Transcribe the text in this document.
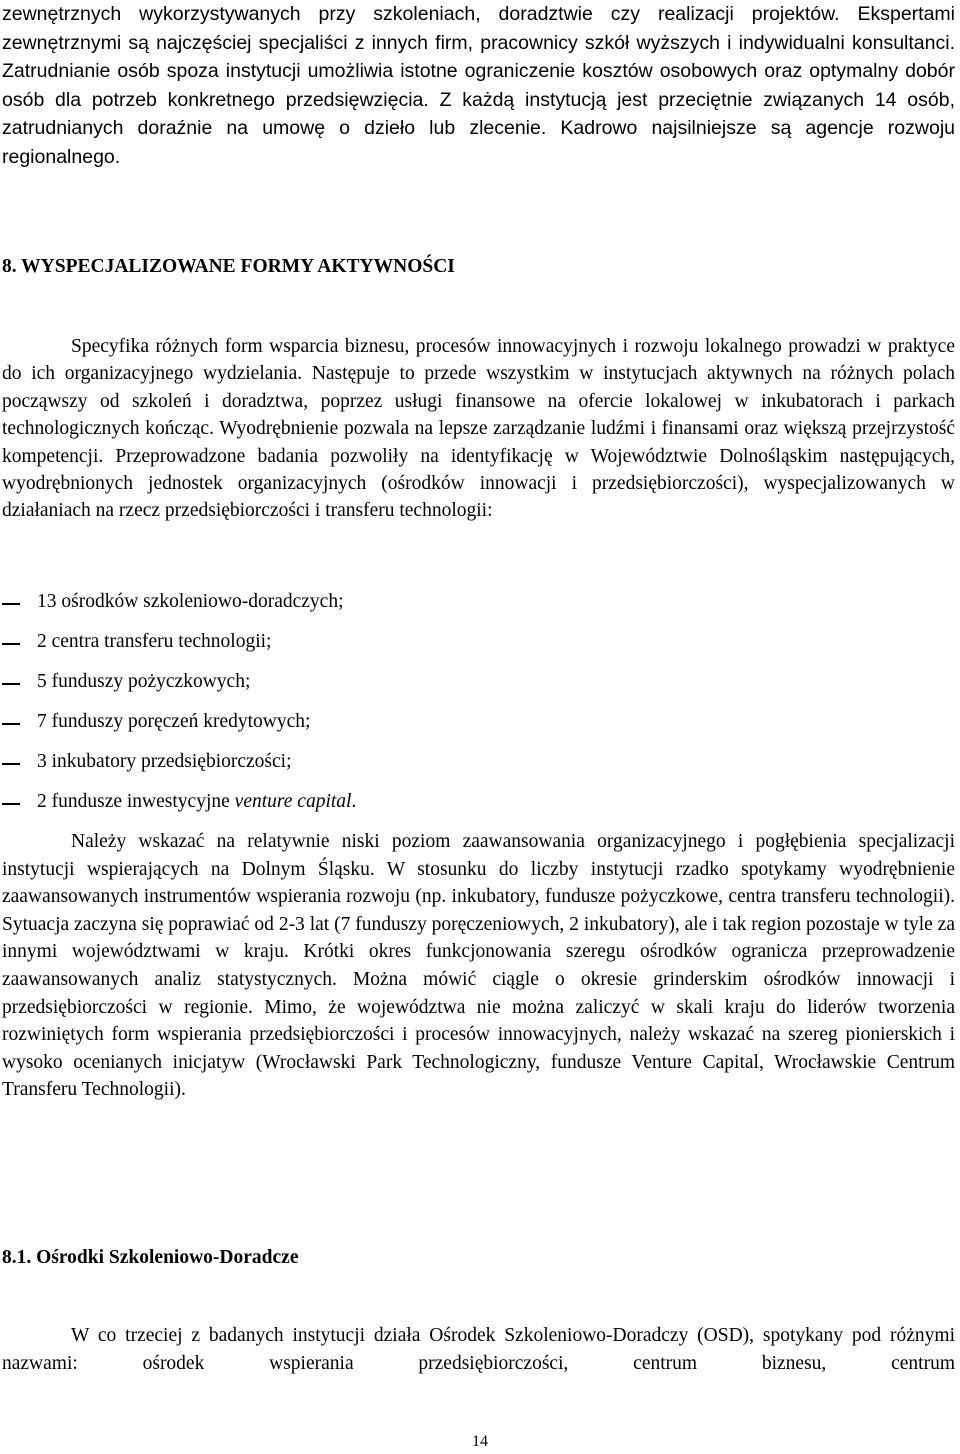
zewnętrznych wykorzystywanych przy szkoleniach, doradztwie czy realizacji projektów. Ekspertami zewnętrznymi są najczęściej specjaliści z innych firm, pracownicy szkół wyższych i indywidualni konsultanci. Zatrudnianie osób spoza instytucji umożliwia istotne ograniczenie kosztów osobowych oraz optymalny dobór osób dla potrzeb konkretnego przedsięwzięcia. Z każdą instytucją jest przeciętnie związanych 14 osób, zatrudnianych doraźnie na umowę o dzieło lub zlecenie. Kadrowo najsilniejsze są agencje rozwoju regionalnego.

8. WYSPECJALIZOWANE FORMY AKTYWNOŚCI

Specyfika różnych form wsparcia biznesu, procesów innowacyjnych i rozwoju lokalnego prowadzi w praktyce do ich organizacyjnego wydzielania. Następuje to przede wszystkim w instytucjach aktywnych na różnych polach począwszy od szkoleń i doradztwa, poprzez usługi finansowe na ofercie lokalowej w inkubatorach i parkach technologicznych kończąc. Wyodrębnienie pozwala na lepsze zarządzanie ludźmi i finansami oraz większą przejrzystość kompetencji. Przeprowadzone badania pozwoliły na identyfikację w Województwie Dolnośląskim następujących, wyodrębnionych jednostek organizacyjnych (ośrodków innowacji i przedsiębiorczości), wyspecjalizowanych w działaniach na rzecz przedsiębiorczości i transferu technologii:

13 ośrodków szkoleniowo-doradczych;
2 centra transferu technologii;
5 funduszy pożyczkowych;
7 funduszy poręczeń kredytowych;
3 inkubatory przedsiębiorczości;
2 fundusze inwestycyjne venture capital.

Należy wskazać na relatywnie niski poziom zaawansowania organizacyjnego i pogłębienia specjalizacji instytucji wspierających na Dolnym Śląsku. W stosunku do liczby instytucji rzadko spotykamy wyodrębnienie zaawansowanych instrumentów wspierania rozwoju (np. inkubatory, fundusze pożyczkowe, centra transferu technologii). Sytuacja zaczyna się poprawiać od 2-3 lat (7 funduszy poręczeniowych, 2 inkubatory), ale i tak region pozostaje w tyle za innymi województwami w kraju. Krótki okres funkcjonowania szeregu ośrodków ogranicza przeprowadzenie zaawansowanych analiz statystycznych. Można mówić ciągle o okresie grinderskim ośrodków innowacji i przedsiębiorczości w regionie. Mimo, że województwa nie można zaliczyć w skali kraju do liderów tworzenia rozwiniętych form wspierania przedsiębiorczości i procesów innowacyjnych, należy wskazać na szereg pionierskich i wysoko ocenianych inicjatyw (Wrocławski Park Technologiczny, fundusze Venture Capital, Wrocławskie Centrum Transferu Technologii).

8.1. Ośrodki Szkoleniowo-Doradcze

W co trzeciej z badanych instytucji działa Ośrodek Szkoleniowo-Doradczy (OSD), spotykany pod różnymi nazwami: ośrodek wspierania przedsiębiorczości, centrum biznesu, centrum

14
